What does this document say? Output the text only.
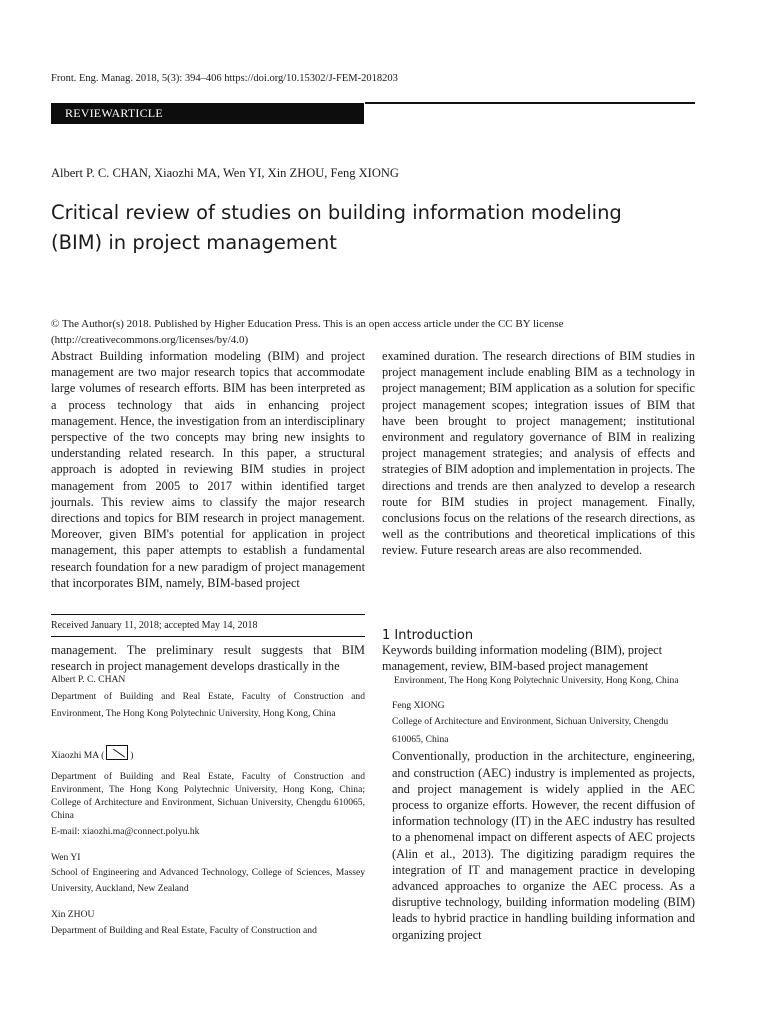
Front. Eng. Manag. 2018, 5(3): 394–406 https://doi.org/10.15302/J-FEM-2018203
REVIEWARTICLE
Albert P. C. CHAN, Xiaozhi MA, Wen YI, Xin ZHOU, Feng XIONG
Critical review of studies on building information modeling
(BIM) in project management
© The Author(s) 2018. Published by Higher Education Press. This is an open access article under the CC BY license (http://creativecommons.org/licenses/by/4.0)
Abstract Building information modeling (BIM) and project management are two major research topics that accommodate large volumes of research efforts. BIM has been interpreted as a process technology that aids in enhancing project management. Hence, the investigation from an interdisciplinary perspective of the two concepts may bring new insights to understanding related research. In this paper, a structural approach is adopted in reviewing BIM studies in project management from 2005 to 2017 within identified target journals. This review aims to classify the major research directions and topics for BIM research in project management. Moreover, given BIM's potential for application in project management, this paper attempts to establish a fundamental research foundation for a new paradigm of project management that incorporates BIM, namely, BIM-based project
examined duration. The research directions of BIM studies in project management include enabling BIM as a technology in project management; BIM application as a solution for specific project management scopes; integration issues of BIM that have been brought to project management; institutional environment and regulatory governance of BIM in realizing project management strategies; and analysis of effects and strategies of BIM adoption and implementation in projects. The directions and trends are then analyzed to develop a research route for BIM studies in project management. Finally, conclusions focus on the relations of the research directions, as well as the contributions and theoretical implications of this review. Future research areas are also recommended.
Received January 11, 2018; accepted May 14, 2018
management. The preliminary result suggests that BIM research in project management develops drastically in the
Albert P. C. CHAN
Department of Building and Real Estate, Faculty of Construction and Environment, The Hong Kong Polytechnic University, Hong Kong, China
Xiaozhi MA (	)
Department of Building and Real Estate, Faculty of Construction and Environment, The Hong Kong Polytechnic University, Hong Kong, China; College of Architecture and Environment, Sichuan University, Chengdu 610065, China
E-mail: xiaozhi.ma@connect.polyu.hk
Wen YI
School of Engineering and Advanced Technology, College of Sciences, Massey University, Auckland, New Zealand
Xin ZHOU
Department of Building and Real Estate, Faculty of Construction and
1 Introduction
Keywords building information modeling (BIM), project management, review, BIM-based project management
Environment, The Hong Kong Polytechnic University, Hong Kong, China
Feng XIONG
College of Architecture and Environment, Sichuan University, Chengdu 610065, China
Conventionally, production in the architecture, engineering, and construction (AEC) industry is implemented as projects, and project management is widely applied in the AEC process to organize efforts. However, the recent diffusion of information technology (IT) in the AEC industry has resulted to a phenomenal impact on different aspects of AEC projects (Alin et al., 2013). The digitizing paradigm requires the integration of IT and management practice in developing advanced approaches to organize the AEC process. As a disruptive technology, building information modeling (BIM) leads to hybrid practice in handling building information and organizing project
